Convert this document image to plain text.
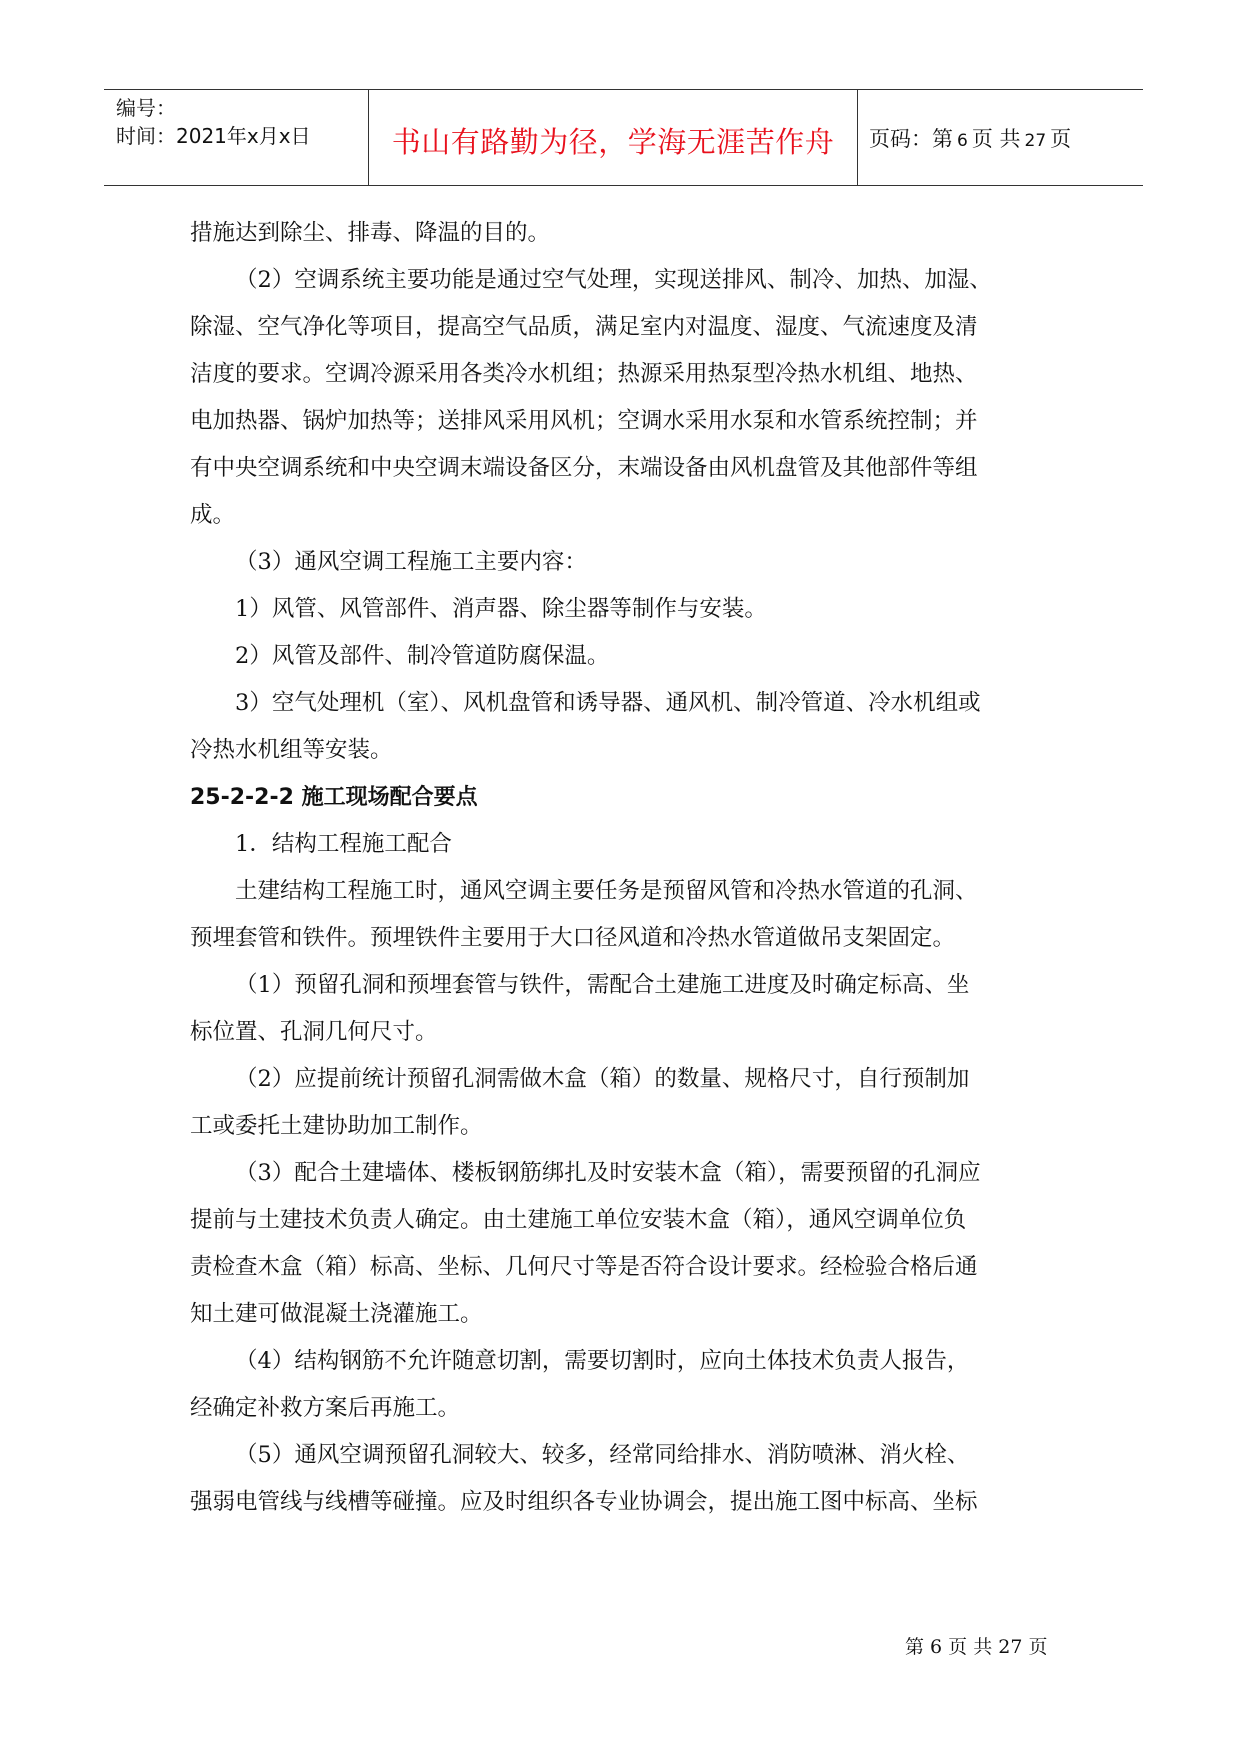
编号：
时间：2021年x月x日	书山有路勤为径，学海无涯苦作舟	页码：第 6 页 共 27 页
措施达到除尘、排毒、降温的目的。
（2）空调系统主要功能是通过空气处理，实现送排风、制冷、加热、加湿、
除湿、空气净化等项目，提高空气品质，满足室内对温度、湿度、气流速度及清
洁度的要求。空调冷源采用各类冷水机组；热源采用热泵型冷热水机组、地热、
电加热器、锅炉加热等；送排风采用风机；空调水采用水泵和水管系统控制；并
有中央空调系统和中央空调末端设备区分，末端设备由风机盘管及其他部件等组
成。
（3）通风空调工程施工主要内容：
1）风管、风管部件、消声器、除尘器等制作与安装。
2）风管及部件、制冷管道防腐保温。
3）空气处理机（室）、风机盘管和诱导器、通风机、制冷管道、冷水机组或
冷热水机组等安装。
25-2-2-2 施工现场配合要点
1．结构工程施工配合
土建结构工程施工时，通风空调主要任务是预留风管和冷热水管道的孔洞、
预埋套管和铁件。预埋铁件主要用于大口径风道和冷热水管道做吊支架固定。
（1）预留孔洞和预埋套管与铁件，需配合土建施工进度及时确定标高、坐
标位置、孔洞几何尺寸。
（2）应提前统计预留孔洞需做木盒（箱）的数量、规格尺寸，自行预制加
工或委托土建协助加工制作。
（3）配合土建墙体、楼板钢筋绑扎及时安装木盒（箱），需要预留的孔洞应
提前与土建技术负责人确定。由土建施工单位安装木盒（箱），通风空调单位负
责检查木盒（箱）标高、坐标、几何尺寸等是否符合设计要求。经检验合格后通
知土建可做混凝土浇灌施工。
（4）结构钢筋不允许随意切割，需要切割时，应向土体技术负责人报告，
经确定补救方案后再施工。
（5）通风空调预留孔洞较大、较多，经常同给排水、消防喷淋、消火栓、
强弱电管线与线槽等碰撞。应及时组织各专业协调会，提出施工图中标高、坐标
第 6 页 共 27 页
